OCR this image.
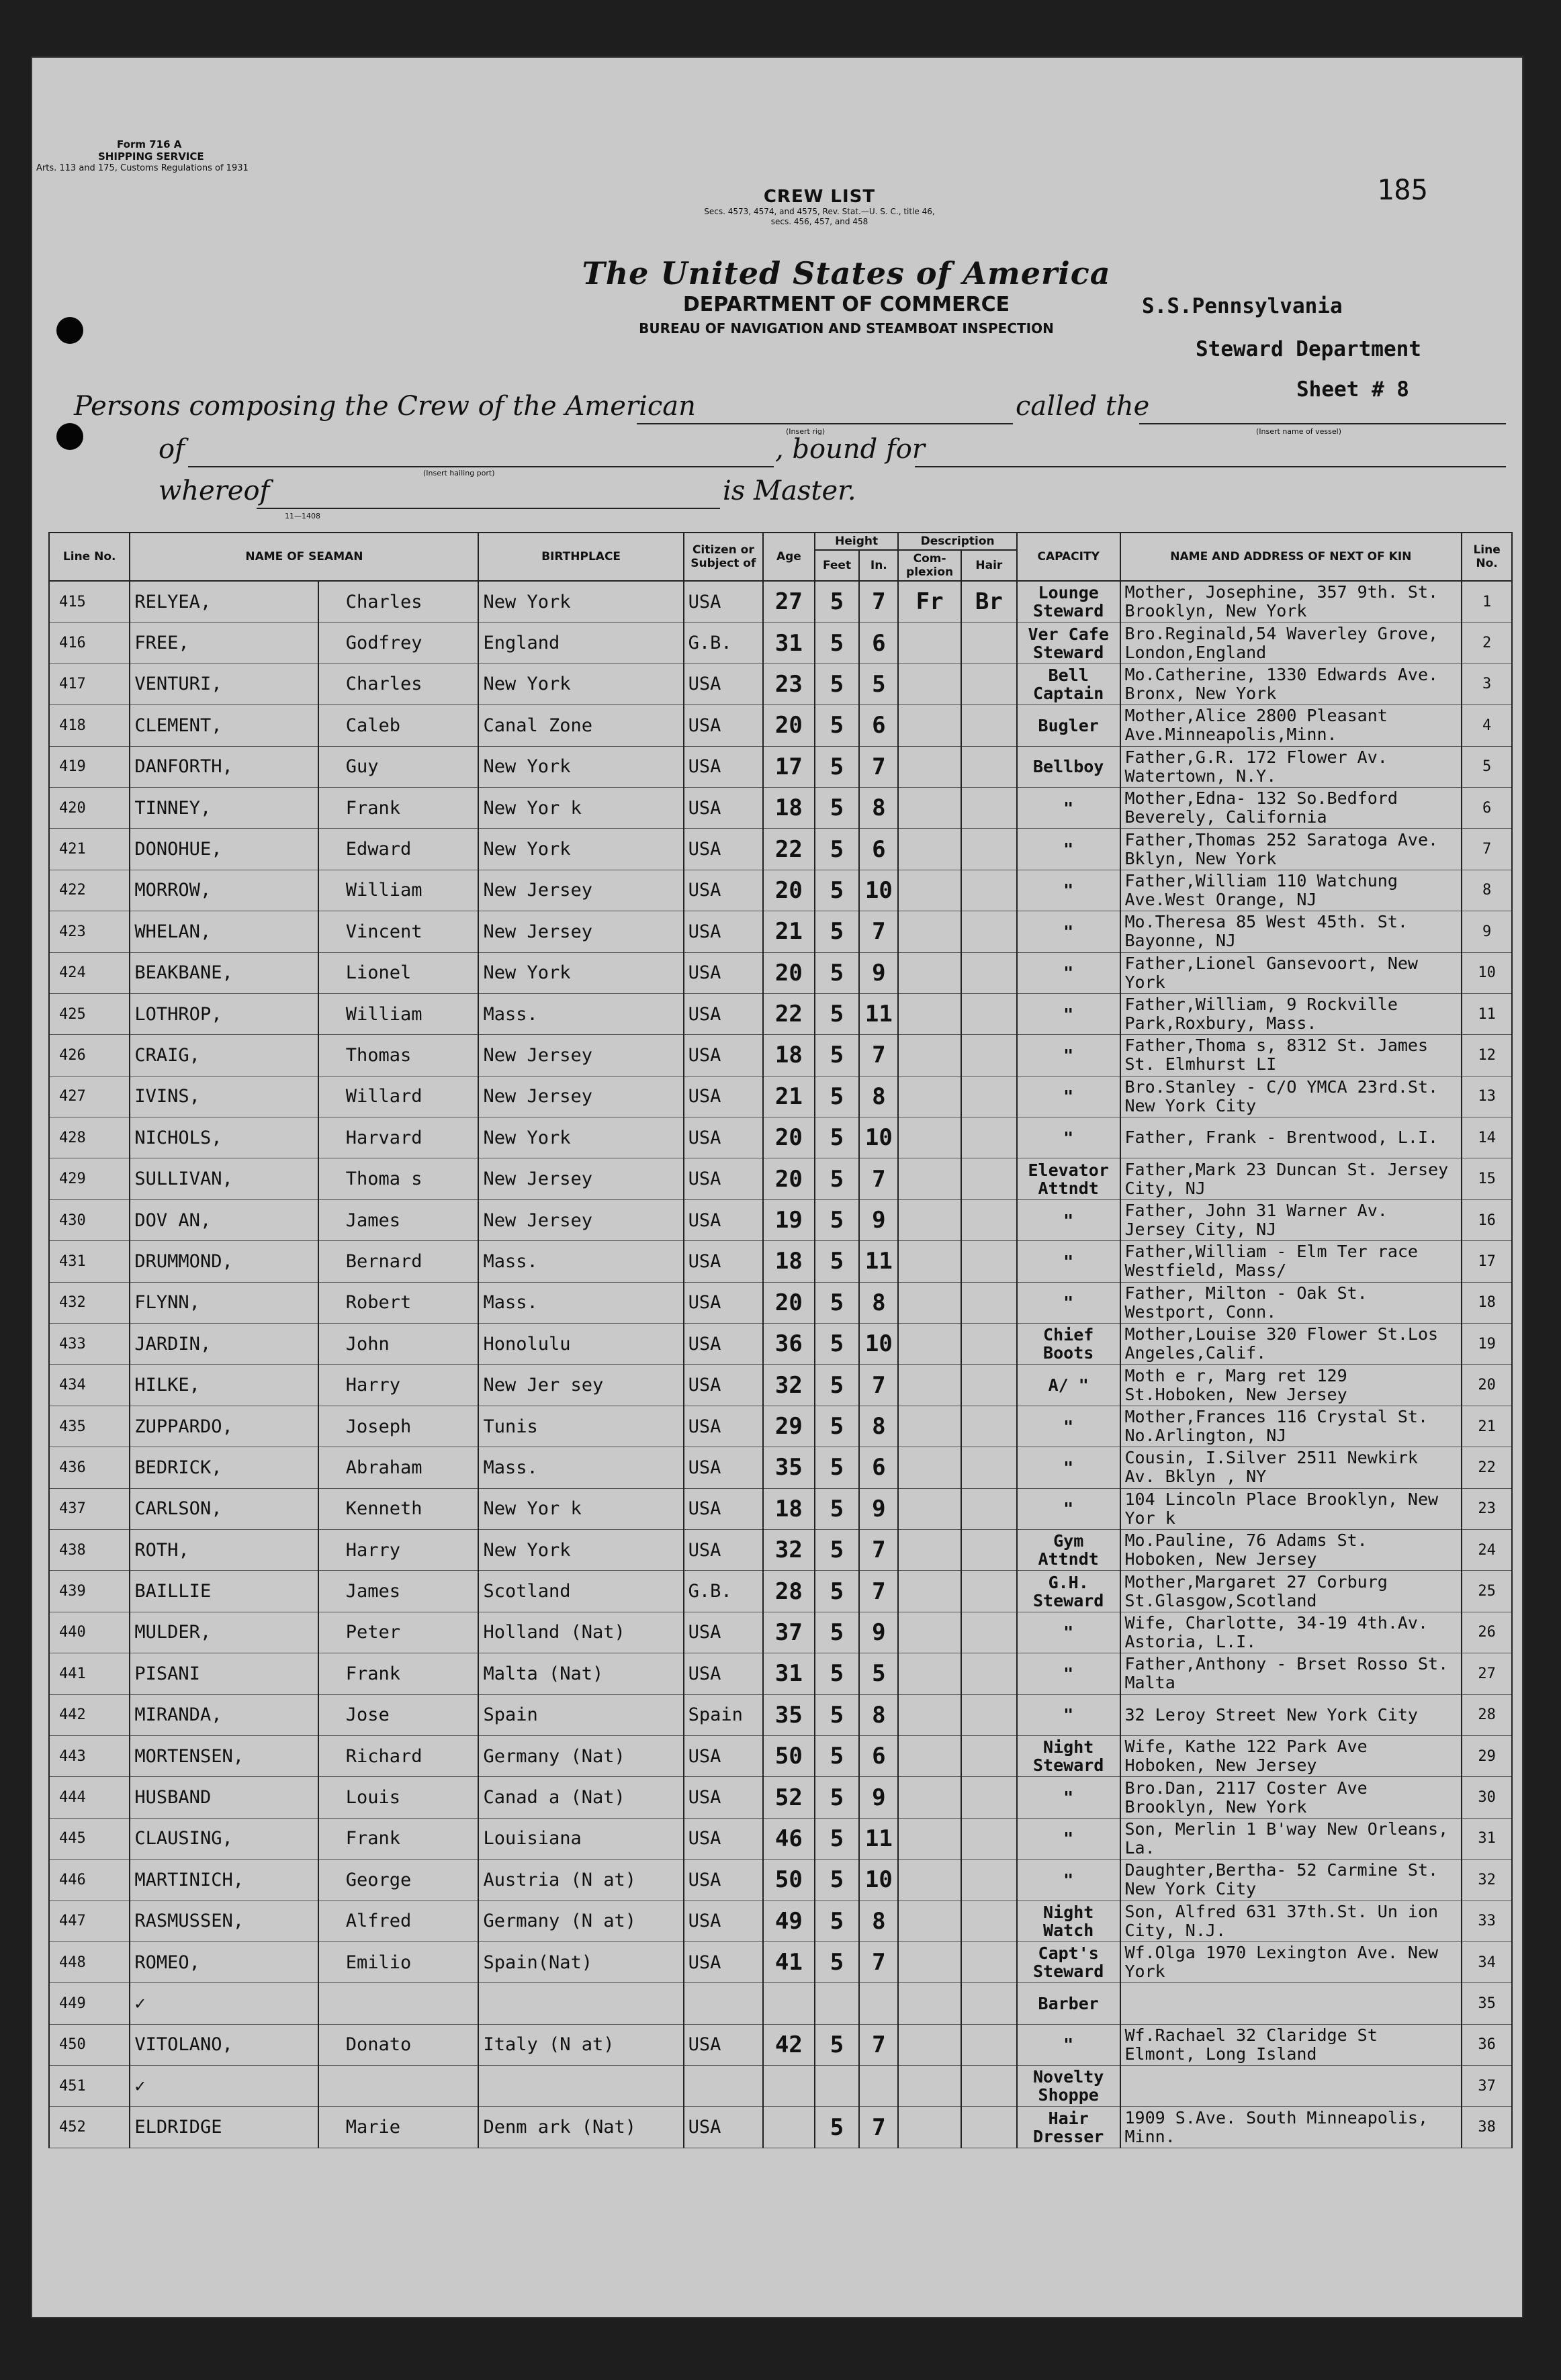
Form 716 A
SHIPPING SERVICE
Arts. 113 and 175, Customs Regulations of 1931
CREW LIST
Secs. 4573, 4574, and 4575, Rev. Stat.—U. S. C., title 46,
secs. 456, 457, and 458
185
The United States of America
DEPARTMENT OF COMMERCE
BUREAU OF NAVIGATION AND STEAMBOAT INSPECTION
S.S.Pennsylvania
Steward Department
Sheet # 8
Persons composing the Crew of the American
(Insert rig)
called the
(Insert name of vessel)
of
(Insert hailing port)
, bound for
whereof
11—1408
is Master.
Line No.	NAME OF SEAMAN		BIRTHPLACE	Citizen or Subject of	Age	Height		Description		CAPACITY	NAME AND ADDRESS OF NEXT OF KIN	Line No.
						Feet	In.	Com-plexion	Hair			
415	RELYEA,	Charles	New York	USA	27	5	7	Fr	Br	Lounge Steward	Mother, Josephine, 357 9th. St. Brooklyn, New York	1
416	FREE,	Godfrey	England	G.B.	31	5	6			Ver Cafe Steward	Bro.Reginald,54 Waverley Grove, London,England	2
417	VENTURI,	Charles	New York	USA	23	5	5			Bell Captain	Mo.Catherine, 1330 Edwards Ave. Bronx, New York	3
418	CLEMENT,	Caleb	Canal Zone	USA	20	5	6			Bugler	Mother,Alice 2800 Pleasant Ave.Minneapolis,Minn.	4
419	DANFORTH,	Guy	New York	USA	17	5	7			Bellboy	Father,G.R. 172 Flower Av. Watertown, N.Y.	5
420	TINNEY,	Frank	New Yor k	USA	18	5	8			"	Mother,Edna- 132 So.Bedford Beverely, California	6
421	DONOHUE,	Edward	New York	USA	22	5	6			"	Father,Thomas 252 Saratoga Ave. Bklyn, New York	7
422	MORROW,	William	New Jersey	USA	20	5	10			"	Father,William 110 Watchung Ave.West Orange, NJ	8
423	WHELAN,	Vincent	New Jersey	USA	21	5	7			"	Mo.Theresa 85 West 45th. St. Bayonne, NJ	9
424	BEAKBANE,	Lionel	New York	USA	20	5	9			"	Father,Lionel Gansevoort, New York	10
425	LOTHROP,	William	Mass.	USA	22	5	11			"	Father,William, 9 Rockville Park,Roxbury, Mass.	11
426	CRAIG,	Thomas	New Jersey	USA	18	5	7			"	Father,Thoma s, 8312 St. James St. Elmhurst LI	12
427	IVINS,	Willard	New Jersey	USA	21	5	8			"	Bro.Stanley - C/O YMCA 23rd.St. New York City	13
428	NICHOLS,	Harvard	New York	USA	20	5	10			"	Father, Frank - Brentwood, L.I.	14
429	SULLIVAN,	Thoma s	New Jersey	USA	20	5	7			Elevator Attndt	Father,Mark 23 Duncan St. Jersey City, NJ	15
430	DOV AN,	James	New Jersey	USA	19	5	9			"	Father, John 31 Warner Av. Jersey City, NJ	16
431	DRUMMOND,	Bernard	Mass.	USA	18	5	11			"	Father,William - Elm Ter race Westfield, Mass/	17
432	FLYNN,	Robert	Mass.	USA	20	5	8			"	Father, Milton - Oak St. Westport, Conn.	18
433	JARDIN,	John	Honolulu	USA	36	5	10			Chief Boots	Mother,Louise 320 Flower St.Los Angeles,Calif.	19
434	HILKE,	Harry	New Jer sey	USA	32	5	7			A/ "	Moth e r, Marg ret 129 St.Hoboken, New Jersey	20
435	ZUPPARDO,	Joseph	Tunis	USA	29	5	8			"	Mother,Frances 116 Crystal St. No.Arlington, NJ	21
436	BEDRICK,	Abraham	Mass.	USA	35	5	6			"	Cousin, I.Silver 2511 Newkirk Av. Bklyn , NY	22
437	CARLSON,	Kenneth	New Yor k	USA	18	5	9			"	104 Lincoln Place Brooklyn, New Yor k	23
438	ROTH,	Harry	New York	USA	32	5	7			Gym Attndt	Mo.Pauline, 76 Adams St. Hoboken, New Jersey	24
439	BAILLIE	James	Scotland	G.B.	28	5	7			G.H. Steward	Mother,Margaret 27 Corburg St.Glasgow,Scotland	25
440	MULDER,	Peter	Holland (Nat)	USA	37	5	9			"	Wife, Charlotte, 34-19 4th.Av. Astoria, L.I.	26
441	PISANI	Frank	Malta (Nat)	USA	31	5	5			"	Father,Anthony - Brset Rosso St. Malta	27
442	MIRANDA,	Jose	Spain	Spain	35	5	8			"	32 Leroy Street New York City	28
443	MORTENSEN,	Richard	Germany (Nat)	USA	50	5	6			Night Steward	Wife, Kathe 122 Park Ave Hoboken, New Jersey	29
444	HUSBAND	Louis	Canad a (Nat)	USA	52	5	9			"	Bro.Dan, 2117 Coster Ave Brooklyn, New York	30
445	CLAUSING,	Frank	Louisiana	USA	46	5	11			"	Son, Merlin 1 B'way New Orleans, La.	31
446	MARTINICH,	George	Austria (N at)	USA	50	5	10			"	Daughter,Bertha- 52 Carmine St. New York City	32
447	RASMUSSEN,	Alfred	Germany (N at)	USA	49	5	8			Night Watch	Son, Alfred 631 37th.St. Un ion City, N.J.	33
448	ROMEO,	Emilio	Spain(Nat)	USA	41	5	7			Capt's Steward	Wf.Olga 1970 Lexington Ave. New York	34
449	✓									Barber		35
450	VITOLANO,	Donato	Italy (N at)	USA	42	5	7			"	Wf.Rachael 32 Claridge St Elmont, Long Island	36
451	✓									Novelty Shoppe		37
452	ELDRIDGE	Marie	Denm ark (Nat)	USA		5	7			Hair Dresser	1909 S.Ave. South Minneapolis, Minn.	38
